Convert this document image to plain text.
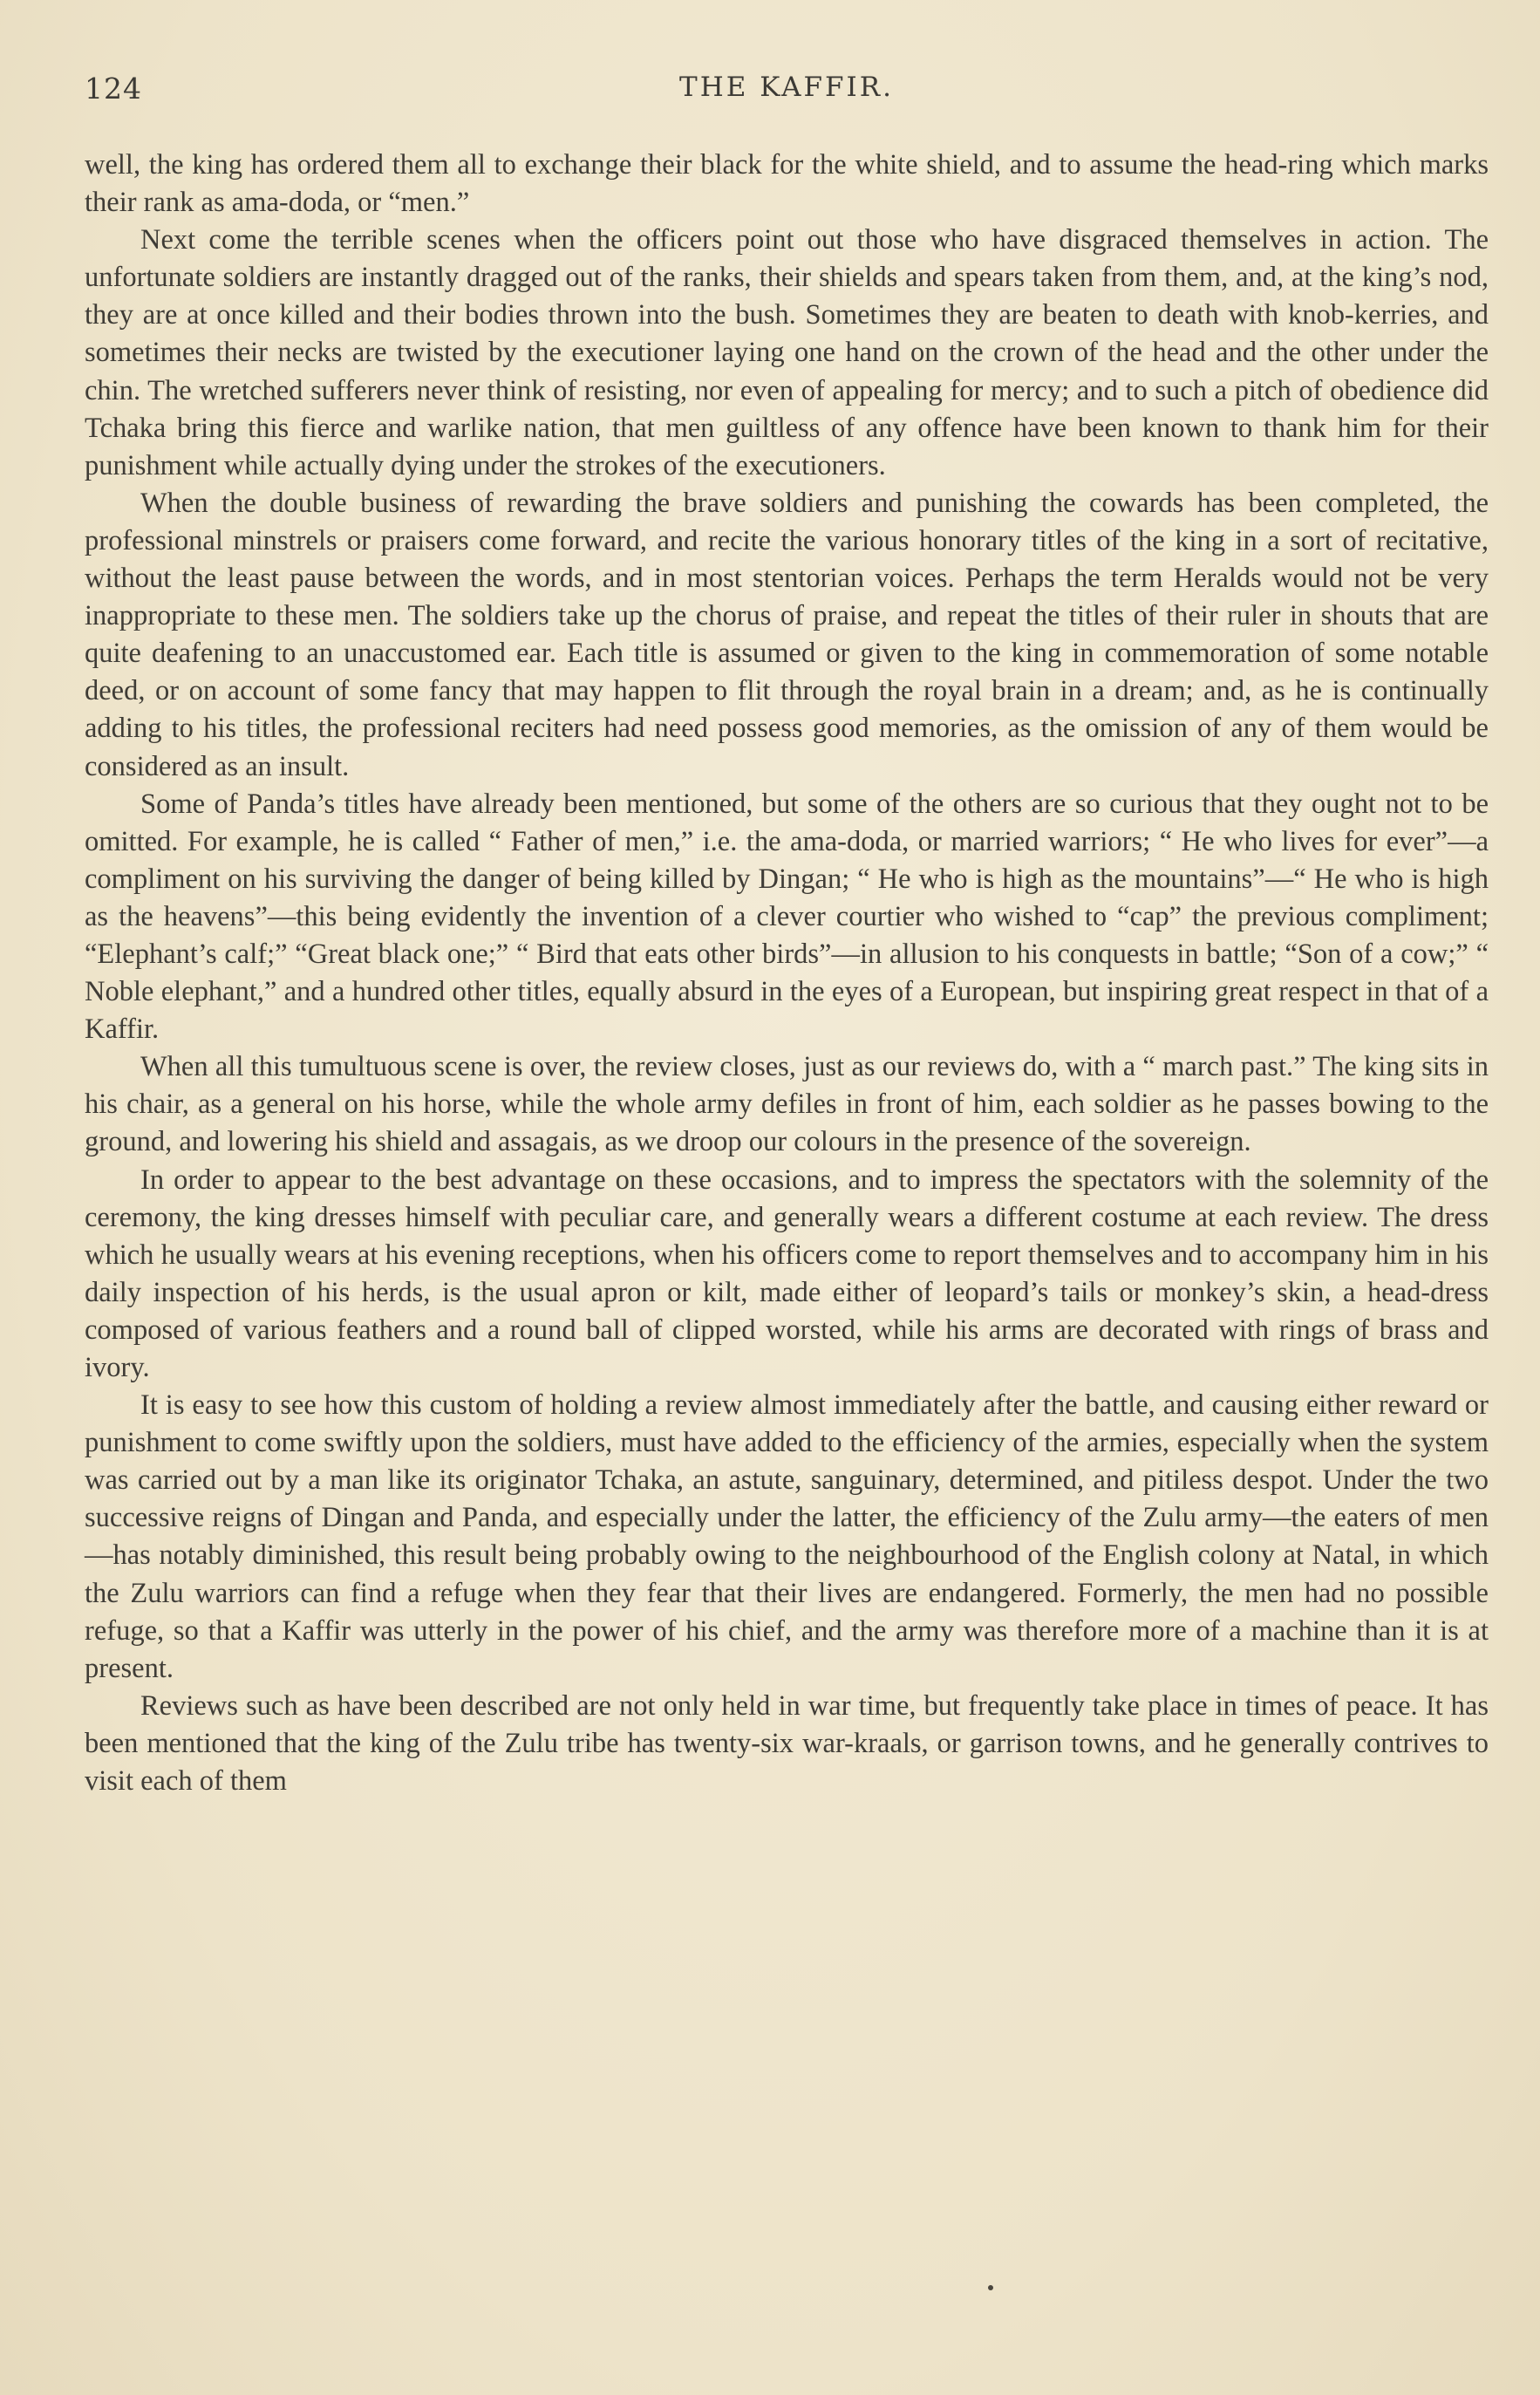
124	THE KAFFIR.

well, the king has ordered them all to exchange their black for the white shield, and to assume the head-ring which marks their rank as ama-doda, or “men.”

Next come the terrible scenes when the officers point out those who have disgraced themselves in action. The unfortunate soldiers are instantly dragged out of the ranks, their shields and spears taken from them, and, at the king’s nod, they are at once killed and their bodies thrown into the bush. Sometimes they are beaten to death with knob-kerries, and sometimes their necks are twisted by the executioner laying one hand on the crown of the head and the other under the chin. The wretched sufferers never think of resisting, nor even of appealing for mercy; and to such a pitch of obedience did Tchaka bring this fierce and warlike nation, that men guiltless of any offence have been known to thank him for their punishment while actually dying under the strokes of the executioners.

When the double business of rewarding the brave soldiers and punishing the cowards has been completed, the professional minstrels or praisers come forward, and recite the various honorary titles of the king in a sort of recitative, without the least pause between the words, and in most stentorian voices. Perhaps the term Heralds would not be very inappropriate to these men. The soldiers take up the chorus of praise, and repeat the titles of their ruler in shouts that are quite deafening to an unaccustomed ear. Each title is assumed or given to the king in commemoration of some notable deed, or on account of some fancy that may happen to flit through the royal brain in a dream; and, as he is continually adding to his titles, the professional reciters had need possess good memories, as the omission of any of them would be considered as an insult.

Some of Panda’s titles have already been mentioned, but some of the others are so curious that they ought not to be omitted. For example, he is called “ Father of men,” i.e. the ama-doda, or married warriors; “ He who lives for ever”—a compliment on his surviving the danger of being killed by Dingan; “ He who is high as the mountains”—“ He who is high as the heavens”—this being evidently the invention of a clever courtier who wished to “cap” the previous compliment; “Elephant’s calf;” “Great black one;” “ Bird that eats other birds”—in allusion to his conquests in battle; “Son of a cow;” “ Noble elephant,” and a hundred other titles, equally absurd in the eyes of a European, but inspiring great respect in that of a Kaffir.

When all this tumultuous scene is over, the review closes, just as our reviews do, with a “ march past.” The king sits in his chair, as a general on his horse, while the whole army defiles in front of him, each soldier as he passes bowing to the ground, and lowering his shield and assagais, as we droop our colours in the presence of the sovereign.

In order to appear to the best advantage on these occasions, and to impress the spectators with the solemnity of the ceremony, the king dresses himself with peculiar care, and generally wears a different costume at each review. The dress which he usually wears at his evening receptions, when his officers come to report themselves and to accompany him in his daily inspection of his herds, is the usual apron or kilt, made either of leopard’s tails or monkey’s skin, a head-dress composed of various feathers and a round ball of clipped worsted, while his arms are decorated with rings of brass and ivory.

It is easy to see how this custom of holding a review almost immediately after the battle, and causing either reward or punishment to come swiftly upon the soldiers, must have added to the efficiency of the armies, especially when the system was carried out by a man like its originator Tchaka, an astute, sanguinary, determined, and pitiless despot. Under the two successive reigns of Dingan and Panda, and especially under the latter, the efficiency of the Zulu army—the eaters of men—has notably diminished, this result being probably owing to the neighbourhood of the English colony at Natal, in which the Zulu warriors can find a refuge when they fear that their lives are endangered. Formerly, the men had no possible refuge, so that a Kaffir was utterly in the power of his chief, and the army was therefore more of a machine than it is at present.

Reviews such as have been described are not only held in war time, but frequently take place in times of peace. It has been mentioned that the king of the Zulu tribe has twenty-six war-kraals, or garrison towns, and he generally contrives to visit each of them
